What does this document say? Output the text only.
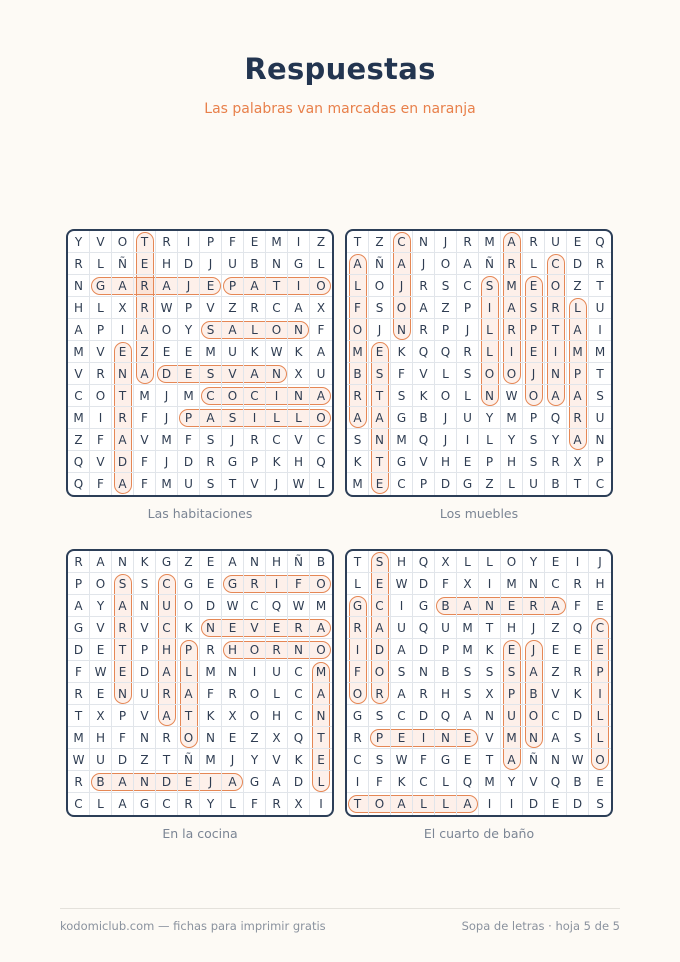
Respuestas
Las palabras van marcadas en naranja
Y	V	O	T	R	I	P	F	E	M	I	Z
R	L	Ñ	E	H	D	J	U	B	N	G	L
N	G	A	R	A	J	E	P	A	T	I	O
H	L	X	R W	P	V	Z	R	C	A	X
A	P	I	A	O	Y	S	A	L	O	N	F
M	V	E	Z	E	E	M	U	K	W	K	A
V	R	N	A	D	E	S	V	A	N	X	U
C	O	T	M	J	M	C	O	C	I	N	A
M	I	R	F	J	P	A	S	I	L	L	O
Z	F	A	V	M	F	S	J	R	C	V	C
Q	V	D	F	J	D	R	G	P	K	H	Q
Q	F	A	F	M	U	S	T	V	J	W	L
Las habitaciones
T	Z	C	N	J	R	M	A	R	U	E	Q
A	Ñ	A	J	O	A	Ñ	R	L	C	D	R
L	O	J	R	S	C	S	M	E	O	Z	T
F	S	O	A	Z	P	I	A	S	R	L	U
O	J	N	R	P	J	L	R	P	T	A	I
M	E	K	Q	Q	R	L	I	E	I	M	M
B	S	F	V	L	S	O	O	J	N	P	T
R	T	S	K	O	L	N W O	A	A	S
A	A	G	B	J	U	Y	M	P	Q	R	U
S	N	M	Q	J	I	L	Y	S	Y	A	N
K	T	G	V	H	E	P	H	S	R	X	P
M	E	C	P	D	G	Z	L	U	B	T	C
Los muebles
R	A	N	K	G	Z	E	A	N	H	Ñ	B
P	O	S	S	C	G	E	G	R	I	F	O
A	Y	A	N	U	O	D W C	Q W M
G	V	R	V	C	K	N	E	V	E	R	A
D	E	T	P	H	P	R	H	O	R	N	O
F	W	E	D	A	L	M	N	I	U	C	M
R	E	N	U	R	A	F	R	O	L	C	A
T	X	P	V	A	T	K	X	O	H	C	N
M	H	F	N	R	O	N	E	Z	X	Q	T
W U	D	Z	T	Ñ	M	J	Y	V	K	E
R	B	A	N	D	E	J	A	G	A	D	L
C	L	A	G	C	R	Y	L	F	R	X	I
En la cocina
T	S	H	Q	X	L	L	O	Y	E	I	J
L	E	W D	F	X	I	M	N	C	R	H
G	C	I	G	B	A	N	E	R	A	F	E
R	A	U	Q	U	M	T	H	J	Z	Q	C
I	D	A	D	P	M	K	E	J	E	E	E
F	O	S	N	B	S	S	S	A	Z	R	P
O	R	A	R	H	S	X	P	B	V	K	I
G	S	C	D	Q	A	N	U	O	C	D	L
R	P	E	I	N	E	V	M	N	A	S	L
C	S	W	F	G	E	T	A	Ñ	N W O
I	F	K	C	L	Q	M	Y	V	Q	B	E
T	O	A	L	L	A	I	I	D	E	D	S
El cuarto de baño
kodomiclub.com — fichas para imprimir gratis	Sopa de letras · hoja 5 de 5
